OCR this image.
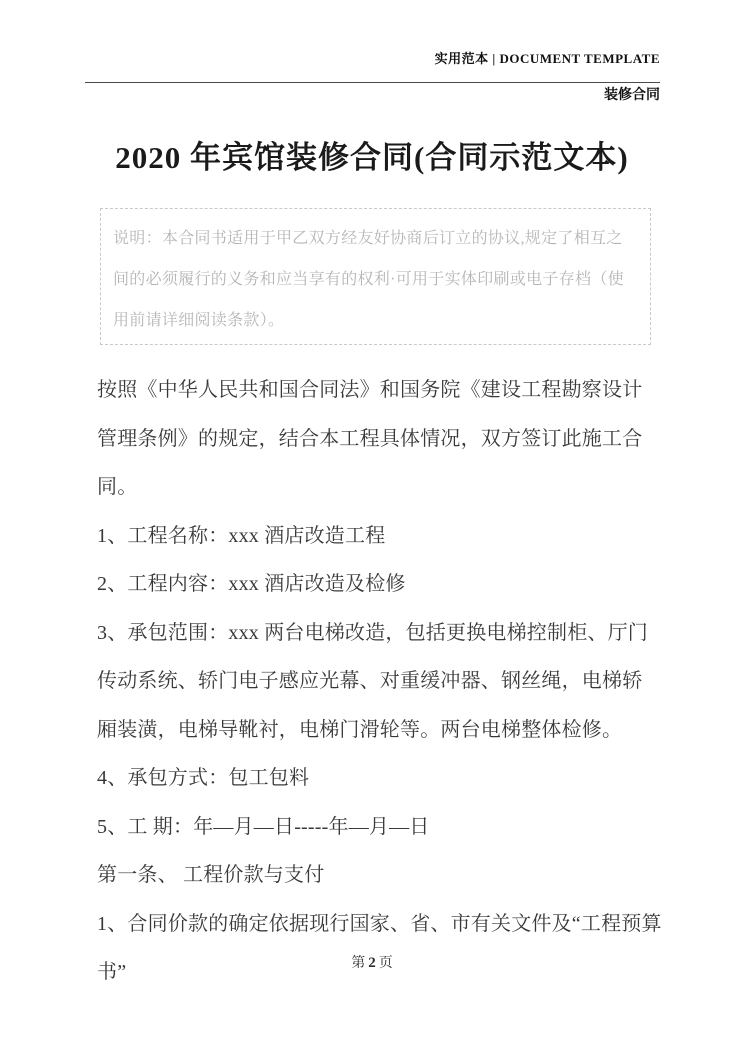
实用范本 | DOCUMENT TEMPLATE
装修合同
2020 年宾馆装修合同(合同示范文本)

说明：本合同书适用于甲乙双方经友好协商后订立的协议,规定了相互之间的必须履行的义务和应当享有的权利·可用于实体印刷或电子存档（使用前请详细阅读条款）。

按照《中华人民共和国合同法》和国务院《建设工程勘察设计管理条例》的规定，结合本工程具体情况，双方签订此施工合同。

1、工程名称：xxx 酒店改造工程

2、工程内容：xxx 酒店改造及检修

3、承包范围：xxx 两台电梯改造，包括更换电梯控制柜、厅门传动系统、轿门电子感应光幕、对重缓冲器、钢丝绳，电梯轿厢装潢，电梯导靴衬，电梯门滑轮等。两台电梯整体检修。

4、承包方式：包工包料

5、工 期：年—月—日-----年—月—日

第一条、 工程价款与支付

1、合同价款的确定依据现行国家、省、市有关文件及“工程预算书”	第 2 页
